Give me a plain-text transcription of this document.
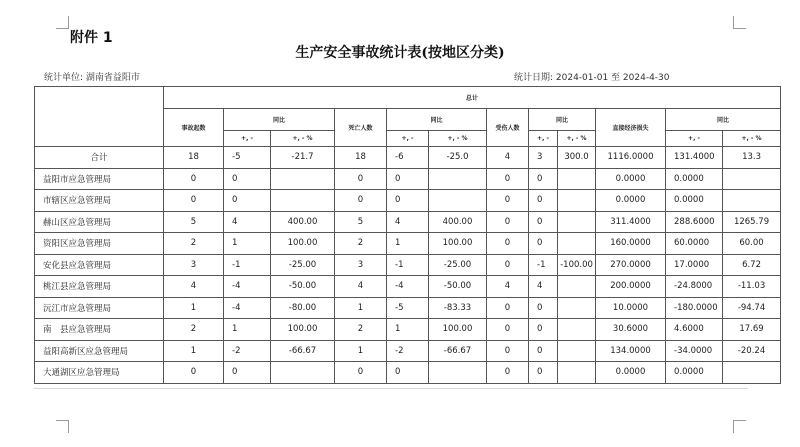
附件 1
生产安全事故统计表(按地区分类)
统计单位: 湖南省益阳市	统计日期: 2024-01-01 至 2024-4-30
	总计											
	事故起数	同比		死亡人数	同比		受伤人数	同比		直接经济损失	同比	
		+, -	+, - %		+, -	+, - %		+, -	+, - %		+, -	+, - %
合计	18	-5	-21.7	18	-6	-25.0	4	3	300.0	1116.0000	131.4000	13.3
益阳市应急管理局	0	0		0	0		0	0		0.0000	0.0000	
市辖区应急管理局	0	0		0	0		0	0		0.0000	0.0000	
赫山区应急管理局	5	4	400.00	5	4	400.00	0	0		311.4000	288.6000	1265.79
资阳区应急管理局	2	1	100.00	2	1	100.00	0	0		160.0000	60.0000	60.00
安化县应急管理局	3	-1	-25.00	3	-1	-25.00	0	-1	-100.00	270.0000	17.0000	6.72
桃江县应急管理局	4	-4	-50.00	4	-4	-50.00	4	4		200.0000	-24.8000	-11.03
沅江市应急管理局	1	-4	-80.00	1	-5	-83.33	0	0		10.0000	-180.0000	-94.74
南　县应急管理局	2	1	100.00	2	1	100.00	0	0		30.6000	4.6000	17.69
益阳高新区应急管理局	1	-2	-66.67	1	-2	-66.67	0	0		134.0000	-34.0000	-20.24
大通湖区应急管理局	0	0		0	0		0	0		0.0000	0.0000	
